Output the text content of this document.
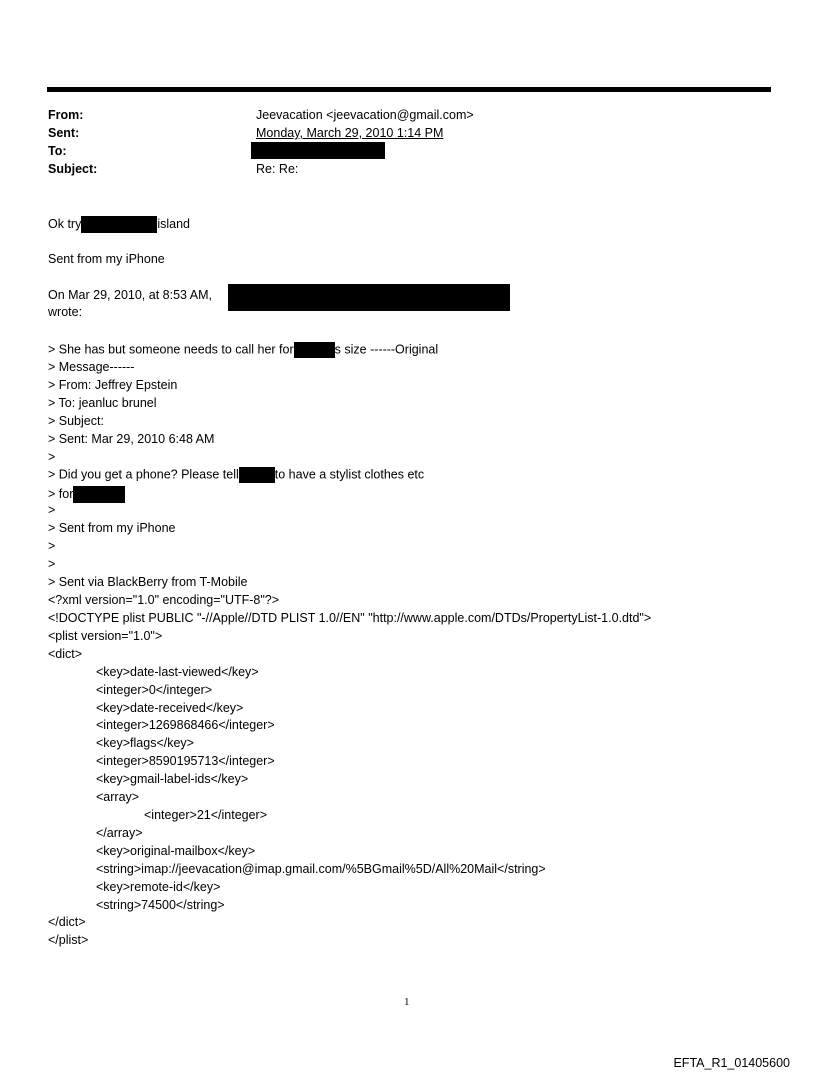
From:	Jeevacation <jeevacation@gmail.com>
Sent:	Monday, March 29, 2010 1:14 PM
To:
Subject:	Re: Re:
Ok try	island
Sent from my iPhone
On Mar 29, 2010, at 8:53 AM,
wrote:
> She has but someone needs to call her for	s size ------Original
> Message------
> From: Jeffrey Epstein
> To: jeanluc brunel
> Subject:
> Sent: Mar 29, 2010 6:48 AM
>
> Did you get a phone? Please tell	to have a stylist clothes etc
> for
>
> Sent from my iPhone
>
>
> Sent via BlackBerry from T-Mobile
<?xml version="1.0" encoding="UTF-8"?>
<!DOCTYPE plist PUBLIC "-//Apple//DTD PLIST 1.0//EN" "http://www.apple.com/DTDs/PropertyList-1.0.dtd">
<plist version="1.0">
<dict>
<key>date-last-viewed</key>
<integer>0</integer>
<key>date-received</key>
<integer>1269868466</integer>
<key>flags</key>
<integer>8590195713</integer>
<key>gmail-label-ids</key>
<array>
<integer>21</integer>
</array>
<key>original-mailbox</key>
<string>imap://jeevacation@imap.gmail.com/%5BGmail%5D/All%20Mail</string>
<key>remote-id</key>
<string>74500</string>
</dict>
</plist>
1
EFTA_R1_01405600
